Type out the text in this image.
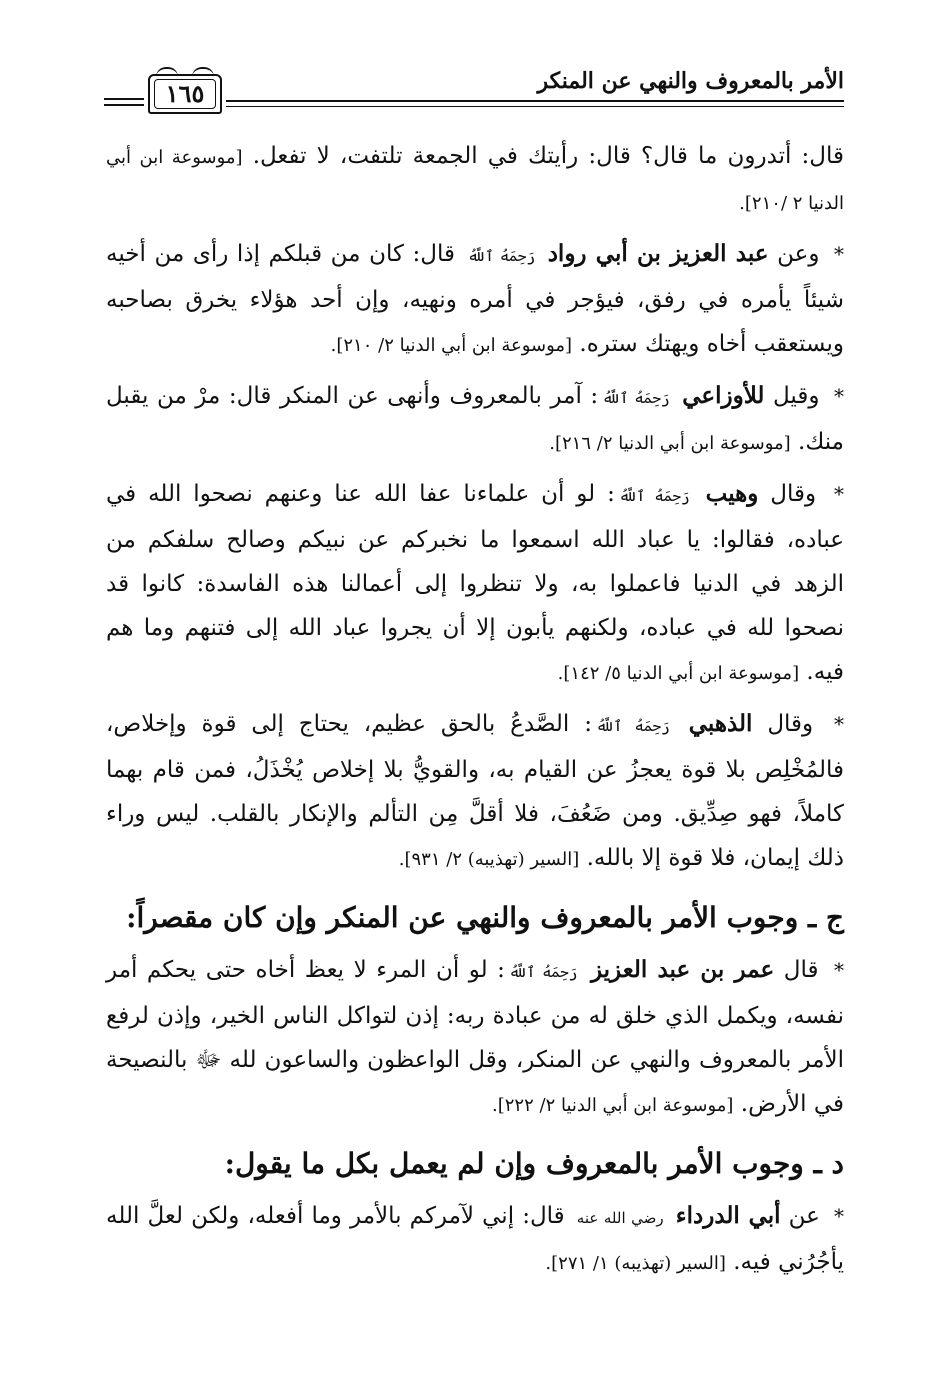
الأمر بالمعروف والنهي عن المنكر
١٦٥

قال: أتدرون ما قال؟ قال: رأيتك في الجمعة تلتفت، لا تفعل. [موسوعة ابن أبي الدنيا ٢ /٢١٠].

* وعن عبد العزيز بن أبي رواد رَحِمَهُ ٱللَّهُ قال: كان من قبلكم إذا رأى من أخيه شيئاً يأمره في رفق، فيؤجر في أمره ونهيه، وإن أحد هؤلاء يخرق بصاحبه ويستعقب أخاه ويهتك ستره. [موسوعة ابن أبي الدنيا ٢/ ٢١٠].

* وقيل للأوزاعي رَحِمَهُ ٱللَّهُ: آمر بالمعروف وأنهى عن المنكر قال: مرْ من يقبل منك. [موسوعة ابن أبي الدنيا ٢/ ٢١٦].

* وقال وهيب رَحِمَهُ ٱللَّهُ: لو أن علماءنا عفا الله عنا وعنهم نصحوا الله في عباده، فقالوا: يا عباد الله اسمعوا ما نخبركم عن نبيكم وصالح سلفكم من الزهد في الدنيا فاعملوا به، ولا تنظروا إلى أعمالنا هذه الفاسدة: كانوا قد نصحوا لله في عباده، ولكنهم يأبون إلا أن يجروا عباد الله إلى فتنهم وما هم فيه. [موسوعة ابن أبي الدنيا ٥/ ١٤٢].

* وقال الذهبي رَحِمَهُ ٱللَّهُ: الصَّدعُ بالحق عظيم، يحتاج إلى قوة وإخلاص، فالمُخْلِص بلا قوة يعجزُ عن القيام به، والقويُّ بلا إخلاص يُخْذَلُ، فمن قام بهما كاملاً، فهو صِدِّيق. ومن ضَعُفَ، فلا أقلَّ مِن التألم والإنكار بالقلب. ليس وراء ذلك إيمان، فلا قوة إلا بالله. [السير (تهذيبه) ٢/ ٩٣١].

ج ـ وجوب الأمر بالمعروف والنهي عن المنكر وإن كان مقصراً:

* قال عمر بن عبد العزيز رَحِمَهُ ٱللَّهُ: لو أن المرء لا يعظ أخاه حتى يحكم أمر نفسه، ويكمل الذي خلق له من عبادة ربه: إذن لتواكل الناس الخير، وإذن لرفع الأمر بالمعروف والنهي عن المنكر، وقل الواعظون والساعون لله ﷻ بالنصيحة في الأرض. [موسوعة ابن أبي الدنيا ٢/ ٢٢٢].

د ـ وجوب الأمر بالمعروف وإن لم يعمل بكل ما يقول:

* عن أبي الدرداء رضي الله عنه قال: إني لآمركم بالأمر وما أفعله، ولكن لعلَّ الله يأجُرُني فيه. [السير (تهذيبه) ١/ ٢٧١].
